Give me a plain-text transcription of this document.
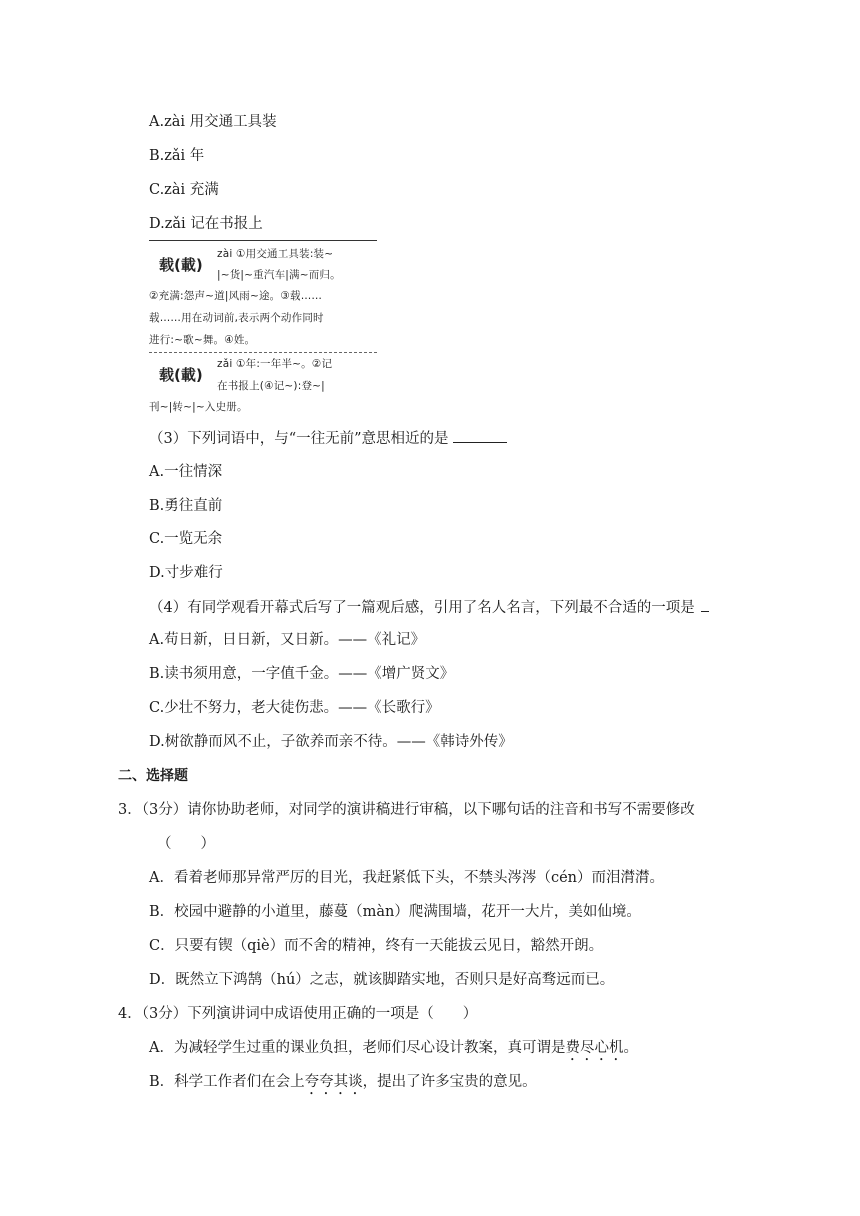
A.zài 用交通工具装
B.zǎi 年
C.zài 充满
D.zǎi 记在书报上
载(載)
zài ①用交通工具装:装~
|~货|~重汽车|满~而归。
②充满:怨声~道|风雨~途。③载……
载……用在动词前,表示两个动作同时
进行:~歌~舞。④姓。
载(載)
zǎi ①年:一年半~。②记
在书报上(④记~):登~|
刊~|转~|~入史册。
（3）下列词语中，与“一往无前”意思相近的是
A.一往情深
B.勇往直前
C.一览无余
D.寸步难行
（4）有同学观看开幕式后写了一篇观后感，引用了名人名言，下列最不合适的一项是
A.苟日新，日日新，又日新。——《礼记》
B.读书须用意，一字值千金。——《增广贤文》
C.少壮不努力，老大徒伤悲。——《长歌行》
D.树欲静而风不止，子欲养而亲不待。——《韩诗外传》
二、选择题
3．（3分）请你协助老师，对同学的演讲稿进行审稿，以下哪句话的注音和书写不需要修改
（　　）
A．看着老师那异常严厉的目光，我赶紧低下头，不禁头涔涔（cén）而泪潸潸。
B．校园中避静的小道里，藤蔓（màn）爬满围墙，花开一大片，美如仙境。
C．只要有锲（qiè）而不舍的精神，终有一天能拔云见日，豁然开朗。
D．既然立下鸿鹄（hú）之志，就该脚踏实地，否则只是好高骛远而已。
4．（3分）下列演讲词中成语使用正确的一项是（　　）
A．为减轻学生过重的课业负担，老师们尽心设计教案，真可谓是费尽心机。
B．科学工作者们在会上夸夸其谈，提出了许多宝贵的意见。
